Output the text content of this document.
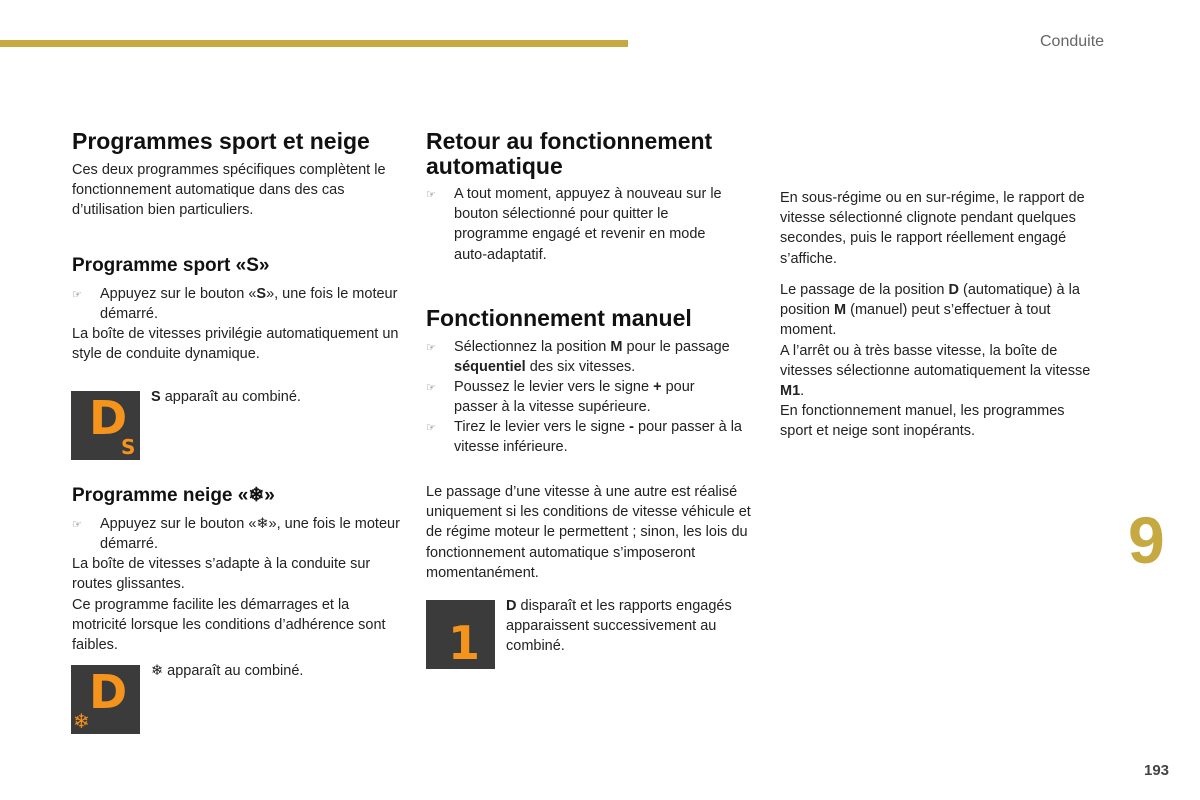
Conduite
Programmes sport et neige

Ces deux programmes spécifiques complètent le fonctionnement automatique dans des cas d’utilisation bien particuliers.

Programme sport «S»
☞ Appuyez sur le bouton «S», une fois le moteur démarré.

La boîte de vitesses privilégie automatiquement un style de conduite dynamique.

D
S
S apparaît au combiné.
Programme neige «❄»
☞ Appuyez sur le bouton «❄», une fois le moteur démarré.

La boîte de vitesses s’adapte à la conduite sur routes glissantes.

Ce programme facilite les démarrages et la motricité lorsque les conditions d’adhérence sont faibles.

D
❄

❄ apparaît au combiné.

Retour au fonctionnement
automatique
☞ A tout moment, appuyez à nouveau sur le bouton sélectionné pour quitter le programme engagé et revenir en mode auto-adaptatif.
Fonctionnement manuel
☞ Sélectionnez la position M pour le passage séquentiel des six vitesses.
☞ Poussez le levier vers le signe + pour passer à la vitesse supérieure.
☞ Tirez le levier vers le signe - pour passer à la vitesse inférieure.

Le passage d’une vitesse à une autre est réalisé uniquement si les conditions de vitesse véhicule et de régime moteur le permettent ; sinon, les lois du fonctionnement automatique s’imposeront momentanément.

1
D disparaît et les rapports engagés apparaissent successivement au combiné.

En sous-régime ou en sur-régime, le rapport de vitesse sélectionné clignote pendant quelques secondes, puis le rapport réellement engagé s’affiche.

Le passage de la position D (automatique) à la position M (manuel) peut s’effectuer à tout moment.
A l’arrêt ou à très basse vitesse, la boîte de vitesses sélectionne automatiquement la vitesse M1.

En fonctionnement manuel, les programmes sport et neige sont inopérants.

9
193
